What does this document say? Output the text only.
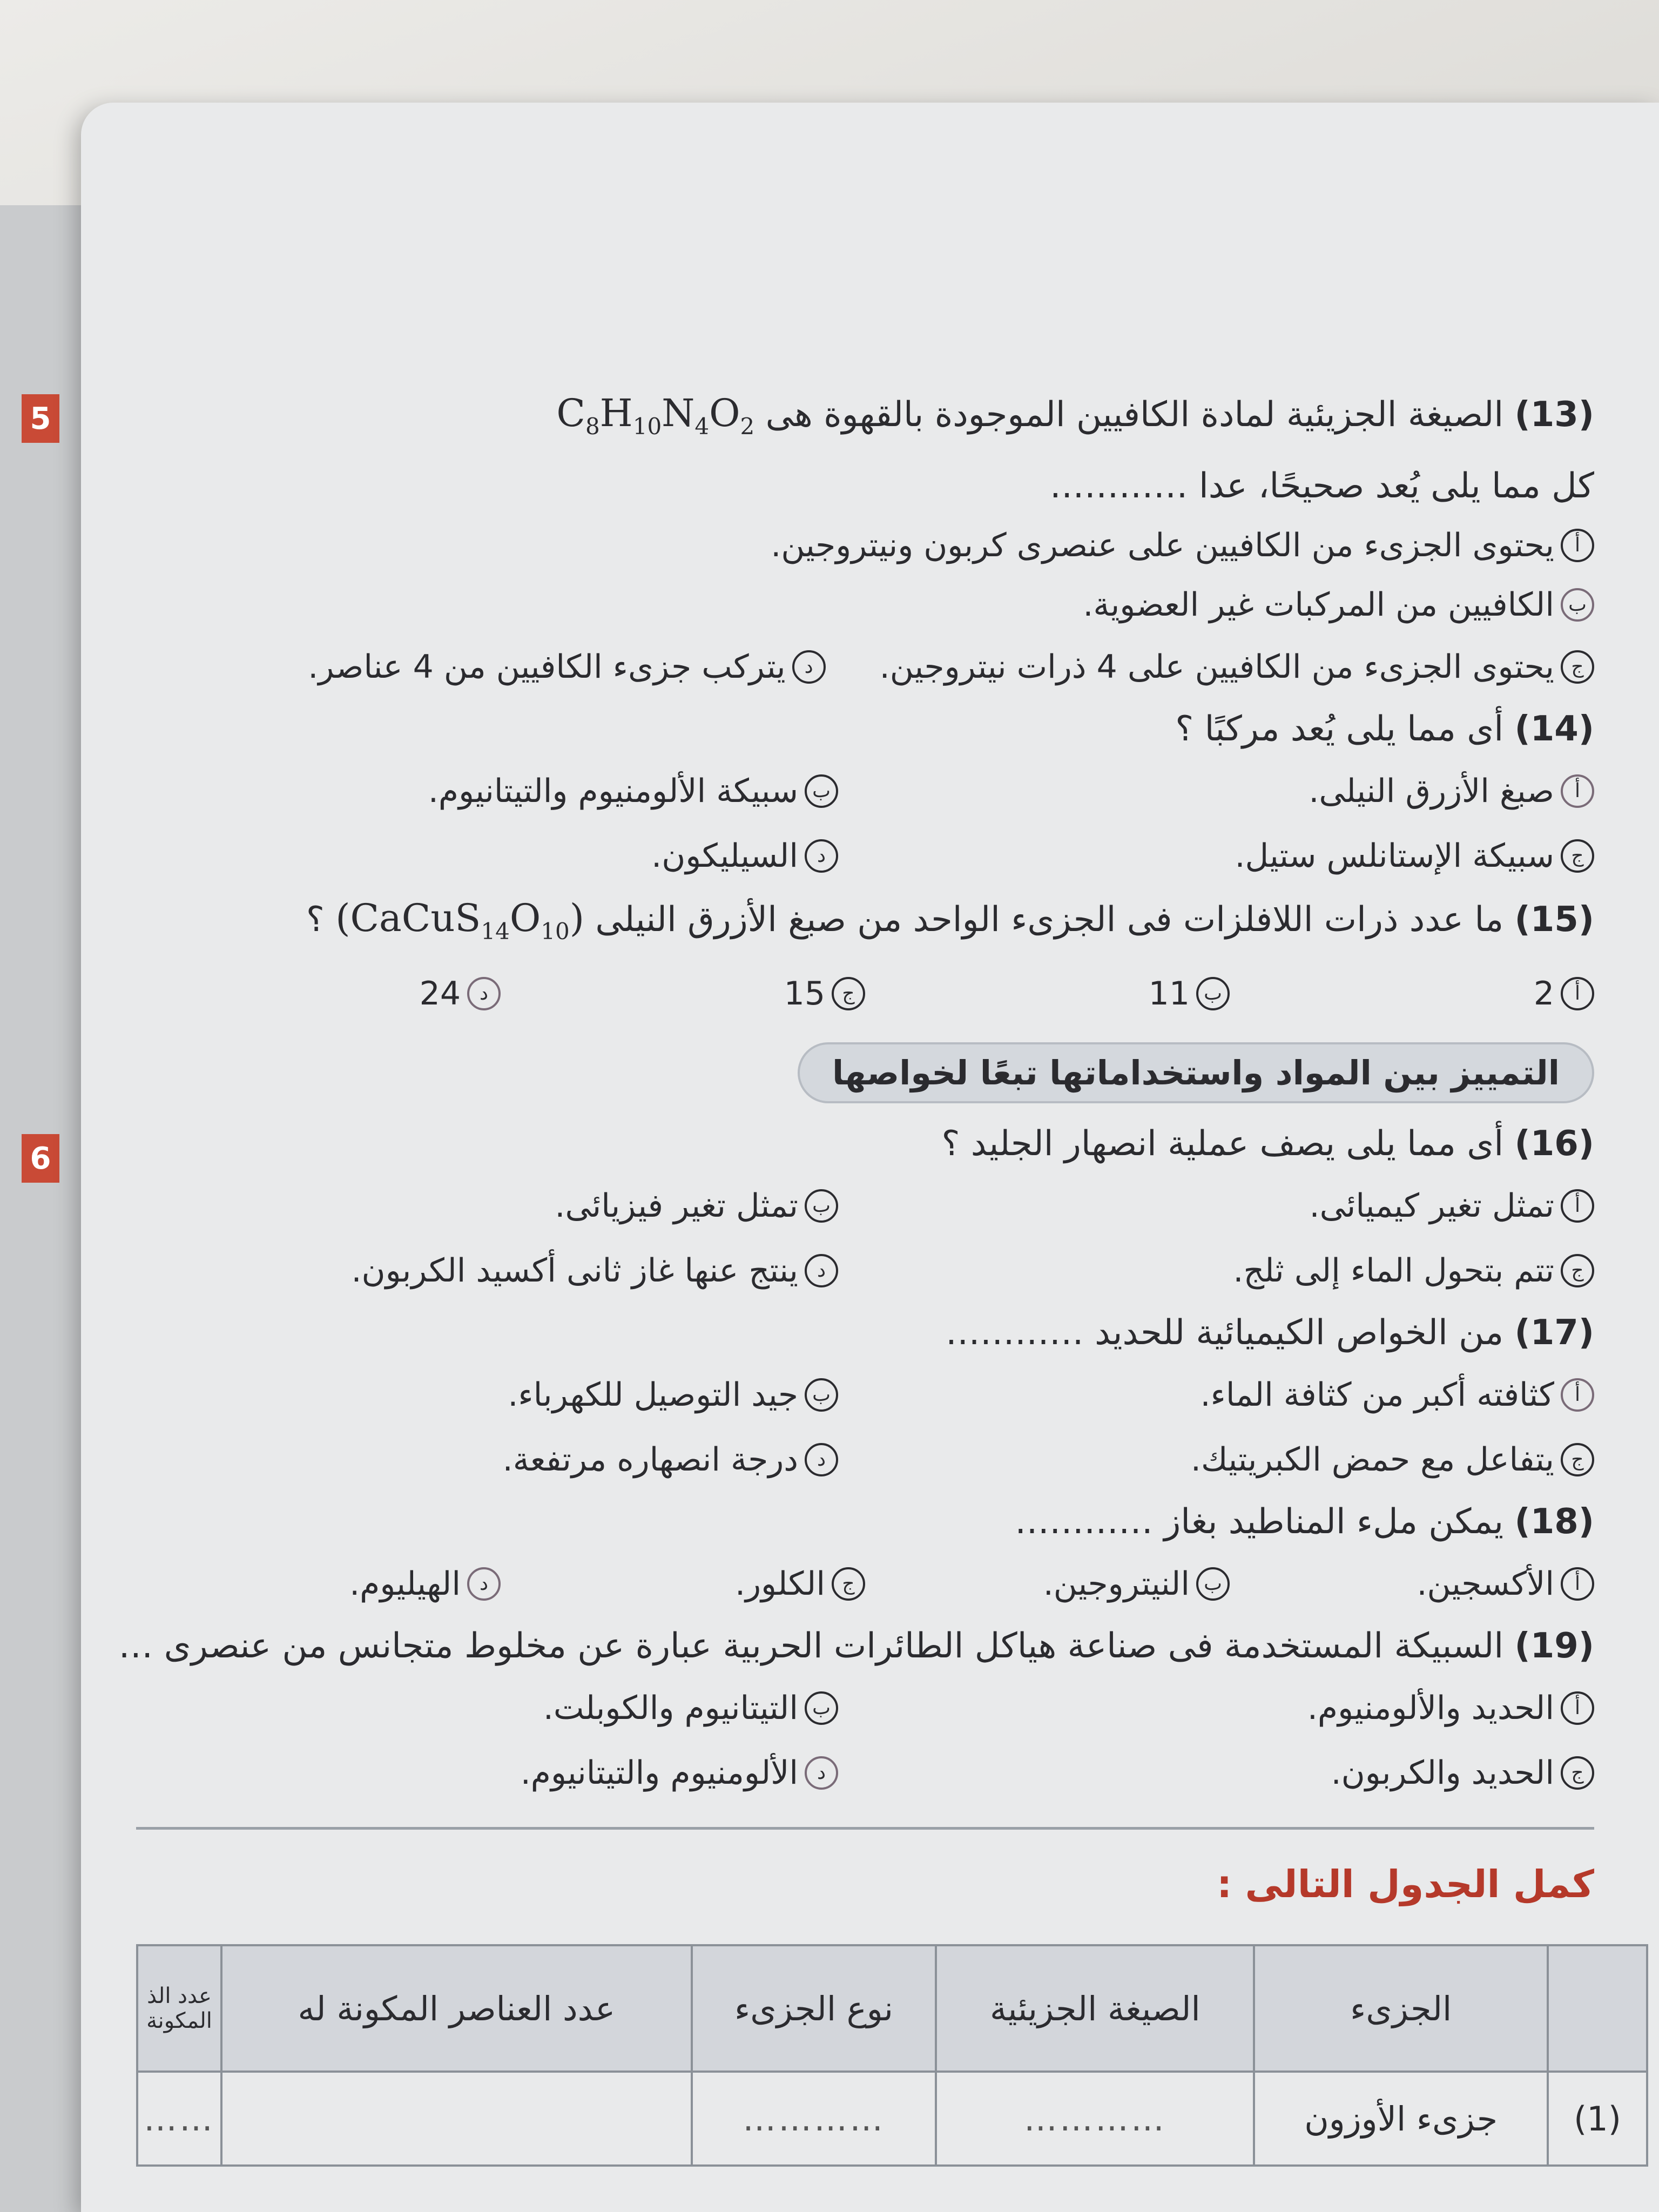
5
6

(13) الصيغة الجزيئية لمادة الكافيين الموجودة بالقهوة هى $C_8H_{10}N_4O_2$

كل مما يلى يُعد صحيحًا، عدا …………

أ
يحتوى الجزىء من الكافيين على عنصرى كربون ونيتروجين.
ب
الكافيين من المركبات غير العضوية.
ج
يحتوى الجزىء من الكافيين على 4 ذرات نيتروجين.
د
يتركب جزىء الكافيين من 4 عناصر.

(14) أى مما يلى يُعد مركبًا ؟

أ
صبغ الأزرق النيلى.
ب
سبيكة الألومنيوم والتيتانيوم.
ج
سبيكة الإستانلس ستيل.
د
السيليكون.

(15) ما عدد ذرات اللافلزات فى الجزىء الواحد من صبغ الأزرق النيلى $(CaCuS_{14}O_{10})$ ؟

أ
2
ب
11
ج
15
د
24
التمييز بين المواد واستخداماتها تبعًا لخواصها

(16) أى مما يلى يصف عملية انصهار الجليد ؟

أ
تمثل تغير كيميائى.
ب
تمثل تغير فيزيائى.
ج
تتم بتحول الماء إلى ثلج.
د
ينتج عنها غاز ثانى أكسيد الكربون.

(17) من الخواص الكيميائية للحديد …………

أ
كثافته أكبر من كثافة الماء.
ب
جيد التوصيل للكهرباء.
ج
يتفاعل مع حمض الكبريتيك.
د
درجة انصهاره مرتفعة.

(18) يمكن ملء المناطيد بغاز …………

أ
الأكسجين.
ب
النيتروجين.
ج
الكلور.
د
الهيليوم.

(19) السبيكة المستخدمة فى صناعة هياكل الطائرات الحربية عبارة عن مخلوط متجانس من عنصرى …

أ
الحديد والألومنيوم.
ب
التيتانيوم والكوبلت.
ج
الحديد والكربون.
د
الألومنيوم والتيتانيوم.
كمل الجدول التالى :
	الجزىء	الصيغة الجزيئية	نوع الجزىء	عدد العناصر المكونة له	عدد الذ المكونة
(1)	جزىء الأوزون	…………	…………		……
